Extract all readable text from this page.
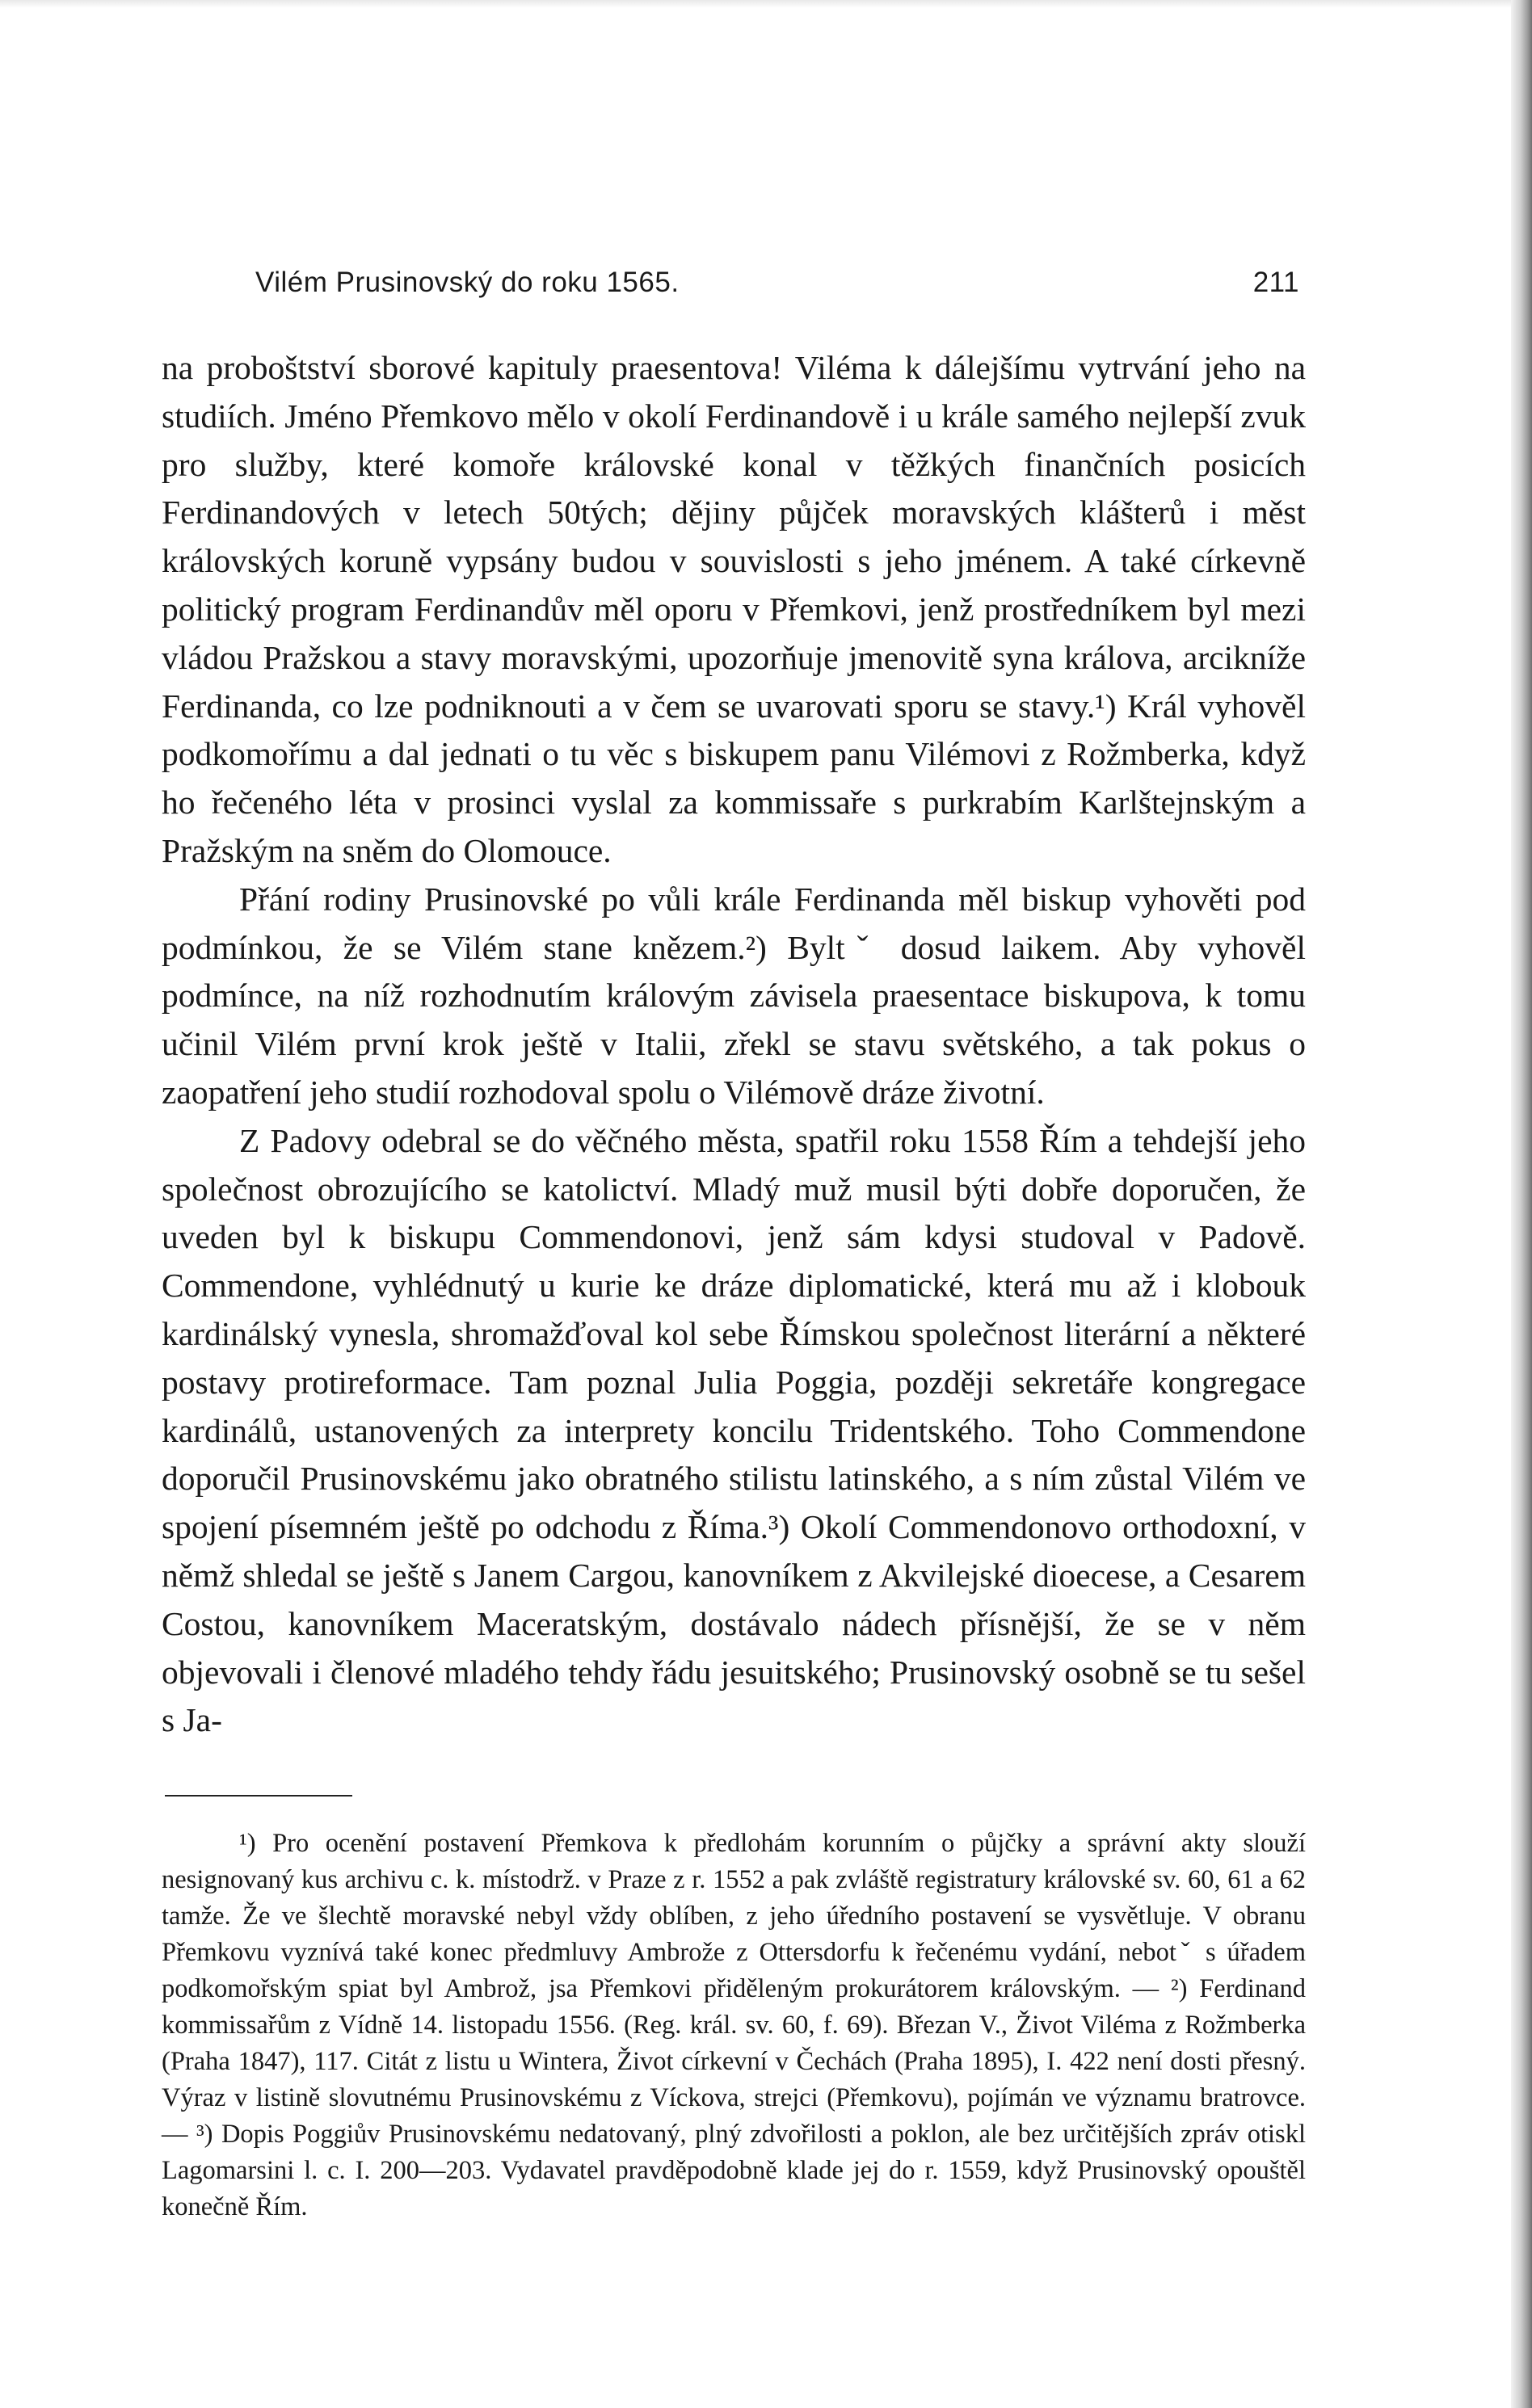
Vilém Prusinovský do roku 1565.	211

na proboštství sborové kapituly praesentova! Viléma k dálejšímu vytrvání jeho na studiích. Jméno Přemkovo mělo v okolí Ferdinandově i u krále samého nejlepší zvuk pro služby, které komoře královské konal v těžkých finančních posicích Ferdinandových v letech 50tých; dějiny půjček moravských klášterů i měst královských koruně vypsány budou v souvislosti s jeho jménem. A také církevně politický program Ferdinandův měl oporu v Přemkovi, jenž prostředníkem byl mezi vládou Pražskou a stavy moravskými, upozorňuje jmenovitě syna králova, arcikníže Ferdinanda, co lze podniknouti a v čem se uvarovati sporu se stavy.¹) Král vyhověl podkomořímu a dal jednati o tu věc s biskupem panu Vilémovi z Rožmberka, když ho řečeného léta v prosinci vyslal za kommissaře s purkrabím Karlštejnským a Pražským na sněm do Olomouce.

Přání rodiny Prusinovské po vůli krále Ferdinanda měl biskup vyhověti pod podmínkou, že se Vilém stane knězem.²) Byltˇ dosud laikem. Aby vyhověl podmínce, na níž rozhodnutím královým závisela praesentace biskupova, k tomu učinil Vilém první krok ještě v Italii, zřekl se stavu světského, a tak pokus o zaopatření jeho studií rozhodoval spolu o Vilémově dráze životní.

Z Padovy odebral se do věčného města, spatřil roku 1558 Řím a tehdejší jeho společnost obrozujícího se katolictví. Mladý muž musil býti dobře doporučen, že uveden byl k biskupu Commendonovi, jenž sám kdysi studoval v Padově. Commendone, vyhlédnutý u kurie ke dráze diplomatické, která mu až i klobouk kardinálský vynesla, shromažďoval kol sebe Římskou společnost literární a některé postavy protireformace. Tam poznal Julia Poggia, později sekretáře kongregace kardinálů, ustanovených za interprety koncilu Tridentského. Toho Commendone doporučil Prusinovskému jako obratného stilistu latinského, a s ním zůstal Vilém ve spojení písemném ještě po odchodu z Říma.³) Okolí Commendonovo orthodoxní, v němž shledal se ještě s Janem Cargou, kanovníkem z Akvilejské dioecese, a Cesarem Costou, kanovníkem Maceratským, dostávalo nádech přísnější, že se v něm objevovali i členové mladého tehdy řádu jesuitského; Prusinovský osobně se tu sešel s Ja-

¹) Pro ocenění postavení Přemkova k předlohám korunním o půjčky a správní akty slouží nesignovaný kus archivu c. k. místodrž. v Praze z r. 1552 a pak zvláště registratury královské sv. 60, 61 a 62 tamže. Že ve šlechtě moravské nebyl vždy oblíben, z jeho úředního postavení se vysvětluje. V obranu Přemkovu vyznívá také konec předmluvy Ambrože z Ottersdorfu k řečenému vydání, nebotˇ s úřadem podkomořským spiat byl Ambrož, jsa Přemkovi přiděleným prokurátorem královským. — ²) Ferdinand kommissařům z Vídně 14. listopadu 1556. (Reg. král. sv. 60, f. 69). Březan V., Život Viléma z Rožmberka (Praha 1847), 117. Citát z listu u Wintera, Život církevní v Čechách (Praha 1895), I. 422 není dosti přesný. Výraz v listině slovutnému Prusinovskému z Víckova, strejci (Přemkovu), pojímán ve významu bratrovce. — ³) Dopis Poggiův Prusinovskému nedatovaný, plný zdvořilosti a poklon, ale bez určitějších zpráv otiskl Lagomarsini l. c. I. 200—203. Vydavatel pravděpodobně klade jej do r. 1559, když Prusinovský opouštěl konečně Řím.
